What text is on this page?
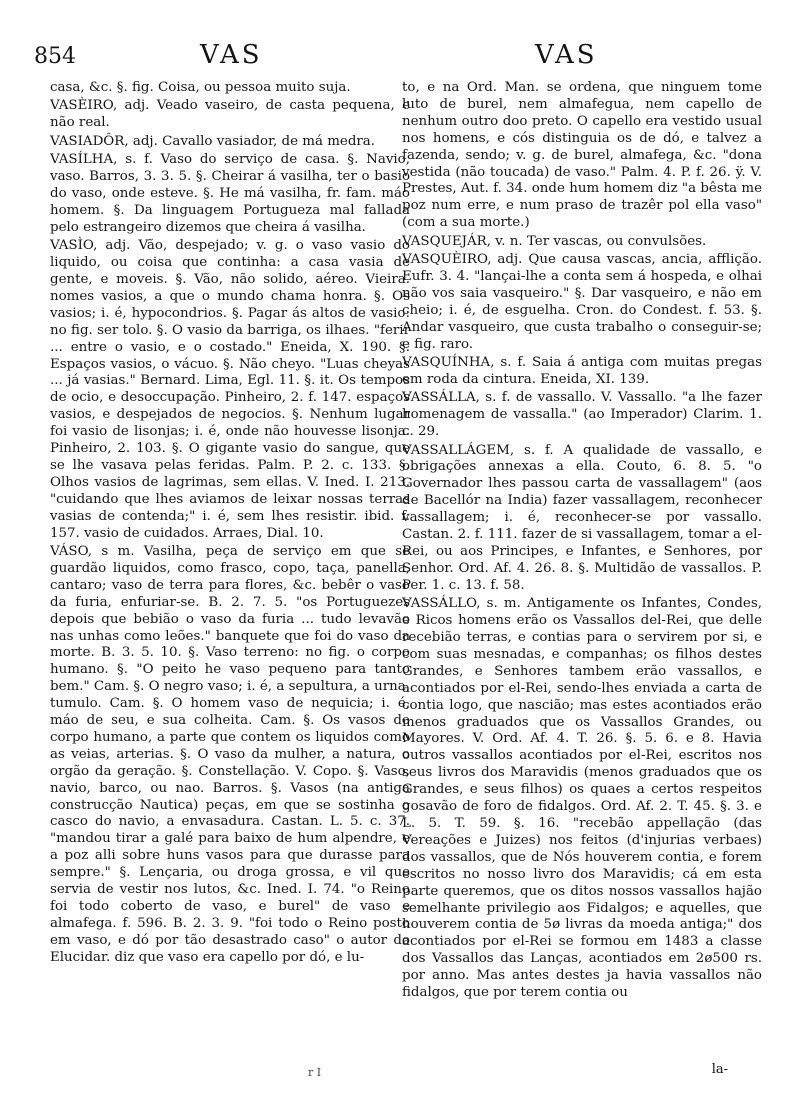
854	VAS	VAS

casa, &c. §. fig. Coisa, ou pessoa muito suja.

VASÈIRO, adj. Veado vaseiro, de casta pequena, e não real.

VASIADÔR, adj. Cavallo vasiador, de má medra.

VASÍLHA, s. f. Vaso do serviço de casa. §. Navio, vaso. Barros, 3. 3. 5. §. Cheirar á vasilha, ter o basio do vaso, onde esteve. §. He má vasilha, fr. fam. máo homem. §. Da linguagem Portugueza mal fallada pelo estrangeiro dizemos que cheira á vasilha.

VASÌO, adj. Vão, despejado; v. g. o vaso vasio do liquido, ou coisa que continha: a casa vasia de gente, e moveis. §. Vão, não solido, aéreo. Vieira. nomes vasios, a que o mundo chama honra. §. Os vasios; i. é, hypocondrios. §. Pagar ás altos de vasio: no fig. ser tolo. §. O vasio da barriga, os ilhaes. "ferir ... entre o vasio, e o costado." Eneida, X. 190. §. Espaços vasios, o vácuo. §. Não cheyo. "Luas cheyas ... já vasias." Bernard. Lima, Egl. 11. §. it. Os tempos de ocio, e desoccupação. Pinheiro, 2. f. 147. espaços vasios, e despejados de negocios. §. Nenhum lugar foi vasio de lisonjas; i. é, onde não houvesse lisonja. Pinheiro, 2. 103. §. O gigante vasio do sangue, que se lhe vasava pelas feridas. Palm. P. 2. c. 133. §. Olhos vasios de lagrimas, sem ellas. V. Ined. I. 213. "cuidando que lhes aviamos de leixar nossas terras vasias de contenda;" i. é, sem lhes resistir. ibid. f. 157. vasio de cuidados. Arraes, Dial. 10.

VÁSO, s m. Vasilha, peça de serviço em que se guardão liquidos, como frasco, copo, taça, panella, cantaro; vaso de terra para flores, &c. bebêr o vaso da furia, enfuriar-se. B. 2. 7. 5. "os Portuguezes depois que bebião o vaso da furia ... tudo levavão nas unhas como leões." banquete que foi do vaso da morte. B. 3. 5. 10. §. Vaso terreno: no fig. o corpo humano. §. "O peito he vaso pequeno para tanto bem." Cam. §. O negro vaso; i. é, a sepultura, a urna, tumulo. Cam. §. O homem vaso de nequicia; i. é, máo de seu, e sua colheita. Cam. §. Os vasos do corpo humano, a parte que contem os liquidos como as veias, arterias. §. O vaso da mulher, a natura, o orgão da geração. §. Constellação. V. Copo. §. Vaso, navio, barco, ou nao. Barros. §. Vasos (na antiga construcção Nautica) peças, em que se sostinha o casco do navio, a envasadura. Castan. L. 5. c. 37. "mandou tirar a galé para baixo de hum alpendre, e a poz alli sobre huns vasos para que durasse para sempre." §. Lençaria, ou droga grossa, e vil que servia de vestir nos lutos, &c. Ined. I. 74. "o Reino foi todo coberto de vaso, e burel" de vaso e almafega. f. 596. B. 2. 3. 9. "foi todo o Reino posto em vaso, e dó por tão desastrado caso" o autor do Elucidar. diz que vaso era capello por dó, e lu-

to, e na Ord. Man. se ordena, que ninguem tome luto de burel, nem almafegua, nem capello de nenhum outro doo preto. O capello era vestido usual nos homens, e cós distinguia os de dó, e talvez a fazenda, sendo; v. g. de burel, almafega, &c. "dona vestida (não toucada) de vaso." Palm. 4. P. f. 26. ÿ. V. Prestes, Aut. f. 34. onde hum homem diz "a bêsta me poz num erre, e num praso de trazêr pol ella vaso" (com a sua morte.)

VASQUEJÁR, v. n. Ter vascas, ou convulsões.

VASQUÈIRO, adj. Que causa vascas, ancia, afflição. Eufr. 3. 4. "lançai-lhe a conta sem á hospeda, e olhai não vos saia vasqueiro." §. Dar vasqueiro, e não em cheio; i. é, de esguelha. Cron. do Condest. f. 53. §. Andar vasqueiro, que custa trabalho o conseguir-se; e fig. raro.

VASQUÍNHA, s. f. Saia á antiga com muitas pregas em roda da cintura. Eneida, XI. 139.

VASSÁLLA, s. f. de vassallo. V. Vassallo. "a lhe fazer homenagem de vassalla." (ao Imperador) Clarim. 1. c. 29.

VASSALLÁGEM, s. f. A qualidade de vassallo, e obrigações annexas a ella. Couto, 6. 8. 5. "o Governador lhes passou carta de vassallagem" (aos de Bacellór na India) fazer vassallagem, reconhecer vassallagem; i. é, reconhecer-se por vassallo. Castan. 2. f. 111. fazer de si vassallagem, tomar a el-Rei, ou aos Principes, e Infantes, e Senhores, por Senhor. Ord. Af. 4. 26. 8. §. Multidão de vassallos. P. Per. 1. c. 13. f. 58.

VASSÁLLO, s. m. Antigamente os Infantes, Condes, e Ricos homens erão os Vassallos del-Rei, que delle recebião terras, e contias para o servirem por si, e com suas mesnadas, e companhas; os filhos destes Grandes, e Senhores tambem erão vassallos, e acontiados por el-Rei, sendo-lhes enviada a carta de contia logo, que nascião; mas estes acontiados erão menos graduados que os Vassallos Grandes, ou Mayores. V. Ord. Af. 4. T. 26. §. 5. 6. e 8. Havia outros vassallos acontiados por el-Rei, escritos nos seus livros dos Maravidis (menos graduados que os Grandes, e seus filhos) os quaes a certos respeitos gosavão de foro de fidalgos. Ord. Af. 2. T. 45. §. 3. e L. 5. T. 59. §. 16. "recebão appellação (das Vereações e Juizes) nos feitos (d'injurias verbaes) dos vassallos, que de Nós houverem contia, e forem escritos no nosso livro dos Maravidis; cá em esta parte queremos, que os ditos nossos vassallos hajão semelhante privilegio aos Fidalgos; e aquelles, que houverem contia de 5ø livras da moeda antiga;" dos acontiados por el-Rei se formou em 1483 a classe dos Vassallos das Lanças, acontiados em 2ø500 rs. por anno. Mas antes destes ja havia vassallos não fidalgos, que por terem contia ou

r I	la-
